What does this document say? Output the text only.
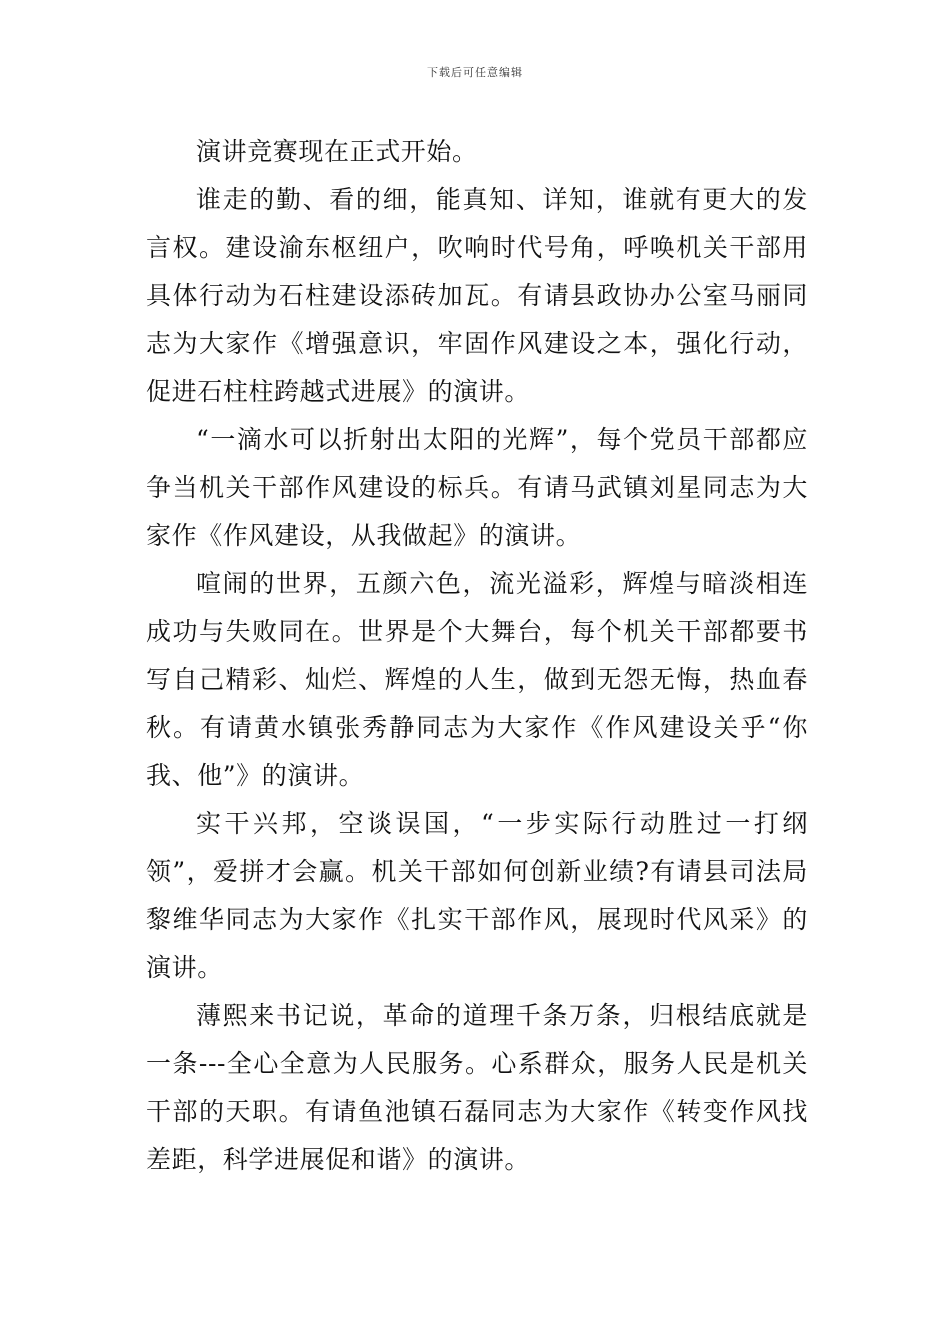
下载后可任意编辑

演讲竞赛现在正式开始。

谁走的勤、看的细，能真知、详知，谁就有更大的发言权。建设渝东枢纽户，吹响时代号角，呼唤机关干部用具体行动为石柱建设添砖加瓦。有请县政协办公室马丽同志为大家作《增强意识，牢固作风建设之本，强化行动，促进石柱柱跨越式进展》的演讲。

“一滴水可以折射出太阳的光辉”，每个党员干部都应争当机关干部作风建设的标兵。有请马武镇刘星同志为大家作《作风建设，从我做起》的演讲。

喧闹的世界，五颜六色，流光溢彩，辉煌与暗淡相连成功与失败同在。世界是个大舞台，每个机关干部都要书写自己精彩、灿烂、辉煌的人生，做到无怨无悔，热血春秋。有请黄水镇张秀静同志为大家作《作风建设关乎“你我、他”》的演讲。

实干兴邦，空谈误国，“一步实际行动胜过一打纲领”，爱拼才会赢。机关干部如何创新业绩?有请县司法局黎维华同志为大家作《扎实干部作风，展现时代风采》的演讲。

薄熙来书记说，革命的道理千条万条，归根结底就是一条---全心全意为人民服务。心系群众，服务人民是机关干部的天职。有请鱼池镇石磊同志为大家作《转变作风找差距，科学进展促和谐》的演讲。
